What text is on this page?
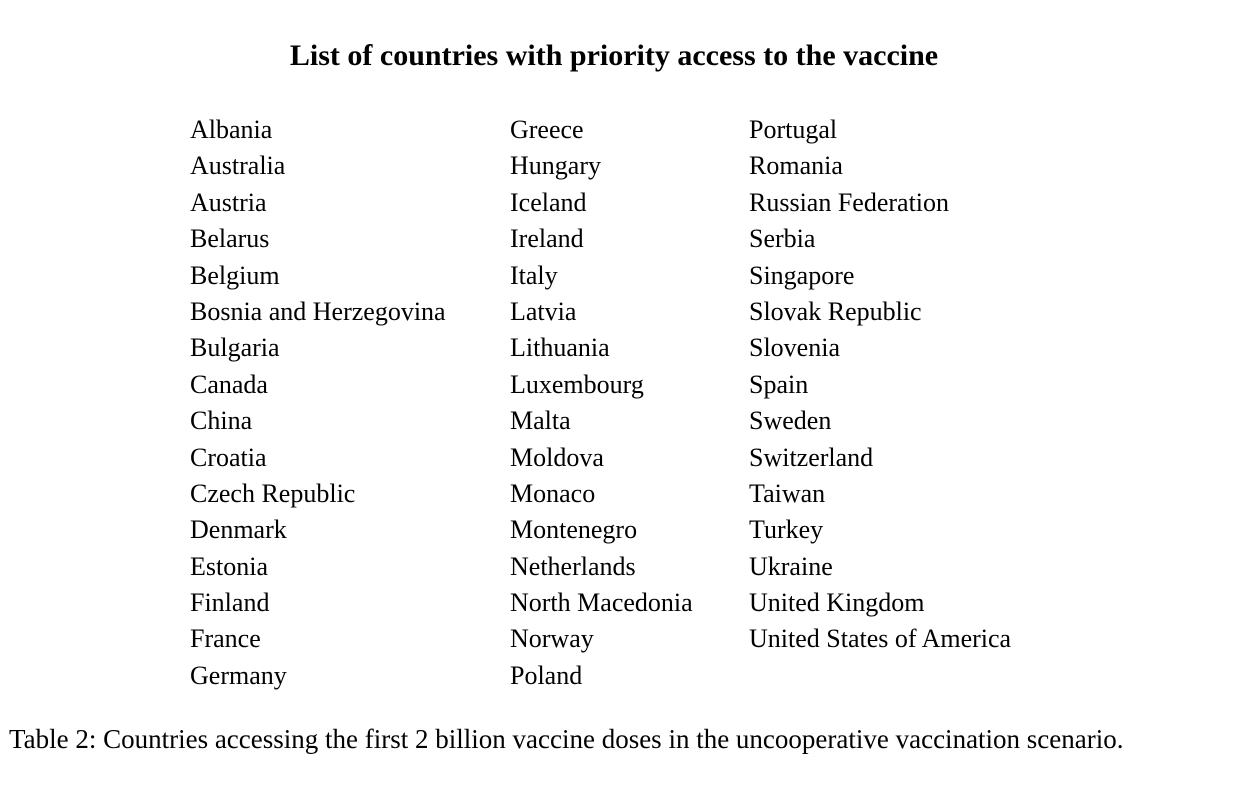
List of countries with priority access to the vaccine
Albania
Australia
Austria
Belarus
Belgium
Bosnia and Herzegovina
Bulgaria
Canada
China
Croatia
Czech Republic
Denmark
Estonia
Finland
France
Germany
Greece
Hungary
Iceland
Ireland
Italy
Latvia
Lithuania
Luxembourg
Malta
Moldova
Monaco
Montenegro
Netherlands
North Macedonia
Norway
Poland
Portugal
Romania
Russian Federation
Serbia
Singapore
Slovak Republic
Slovenia
Spain
Sweden
Switzerland
Taiwan
Turkey
Ukraine
United Kingdom
United States of America
Table 2: Countries accessing the first 2 billion vaccine doses in the uncooperative vaccination scenario.
